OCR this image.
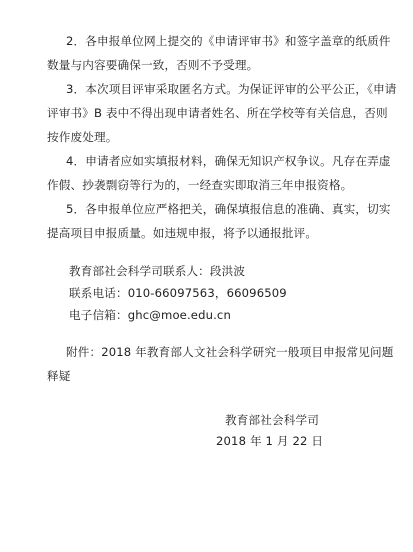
2．各申报单位网上提交的《申请评审书》和签字盖章的纸质件
数量与内容要确保一致，否则不予受理。
3．本次项目评审采取匿名方式。为保证评审的公平公正，《申请
评审书》B 表中不得出现申请者姓名、所在学校等有关信息，否则
按作废处理。
4．申请者应如实填报材料，确保无知识产权争议。凡存在弄虚
作假、抄袭剽窃等行为的，一经查实即取消三年申报资格。
5．各申报单位应严格把关，确保填报信息的准确、真实，切实
提高项目申报质量。如违规申报，将予以通报批评。
教育部社会科学司联系人：段洪波
联系电话：010-66097563，66096509
电子信箱：ghc@moe.edu.cn
附件：2018 年教育部人文社会科学研究一般项目申报常见问题
释疑
教育部社会科学司
2018 年 1 月 22 日
